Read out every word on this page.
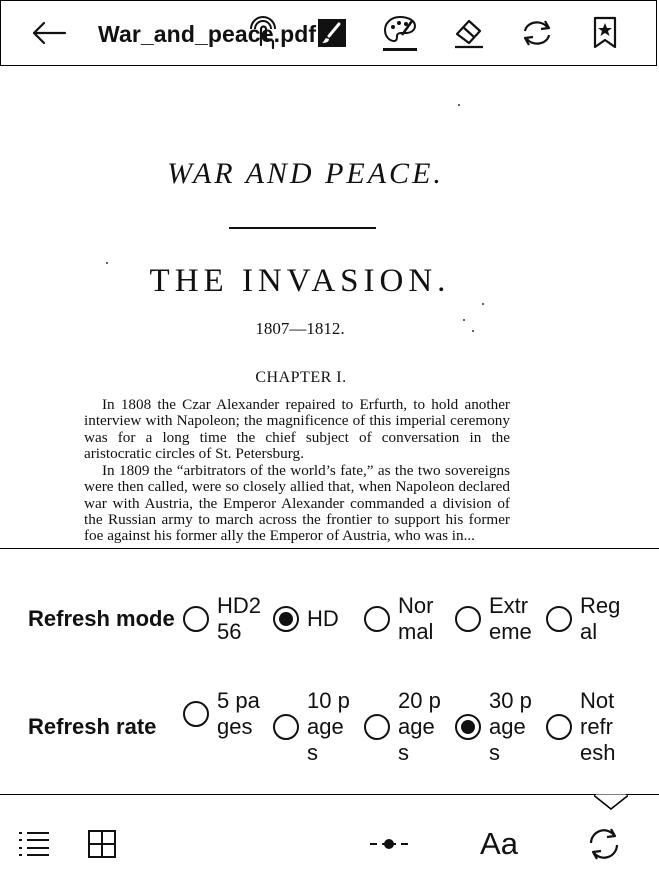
War_and_peace.pdf
WAR AND PEACE.
THE INVASION.
1807—1812.
CHAPTER I.
In 1808 the Czar Alexander repaired to Erfurth, to hold another interview with Napoleon; the magnificence of this imperial ceremony was for a long time the chief subject of conversation in the aristocratic circles of St. Petersburg.
In 1809 the “arbitrators of the world’s fate,” as the two sovereigns were then called, were so closely allied that, when Napoleon declared war with Austria, the Emperor Alexander commanded a division of the Russian army to march across the frontier to support his former foe against his former ally the Emperor of Austria, who was in...
Refresh mode
HD256
HD
Normal
Extreme
Regal
Refresh rate
5 pages
10 pages
20 pages
30 pages
Not refresh
Aa
